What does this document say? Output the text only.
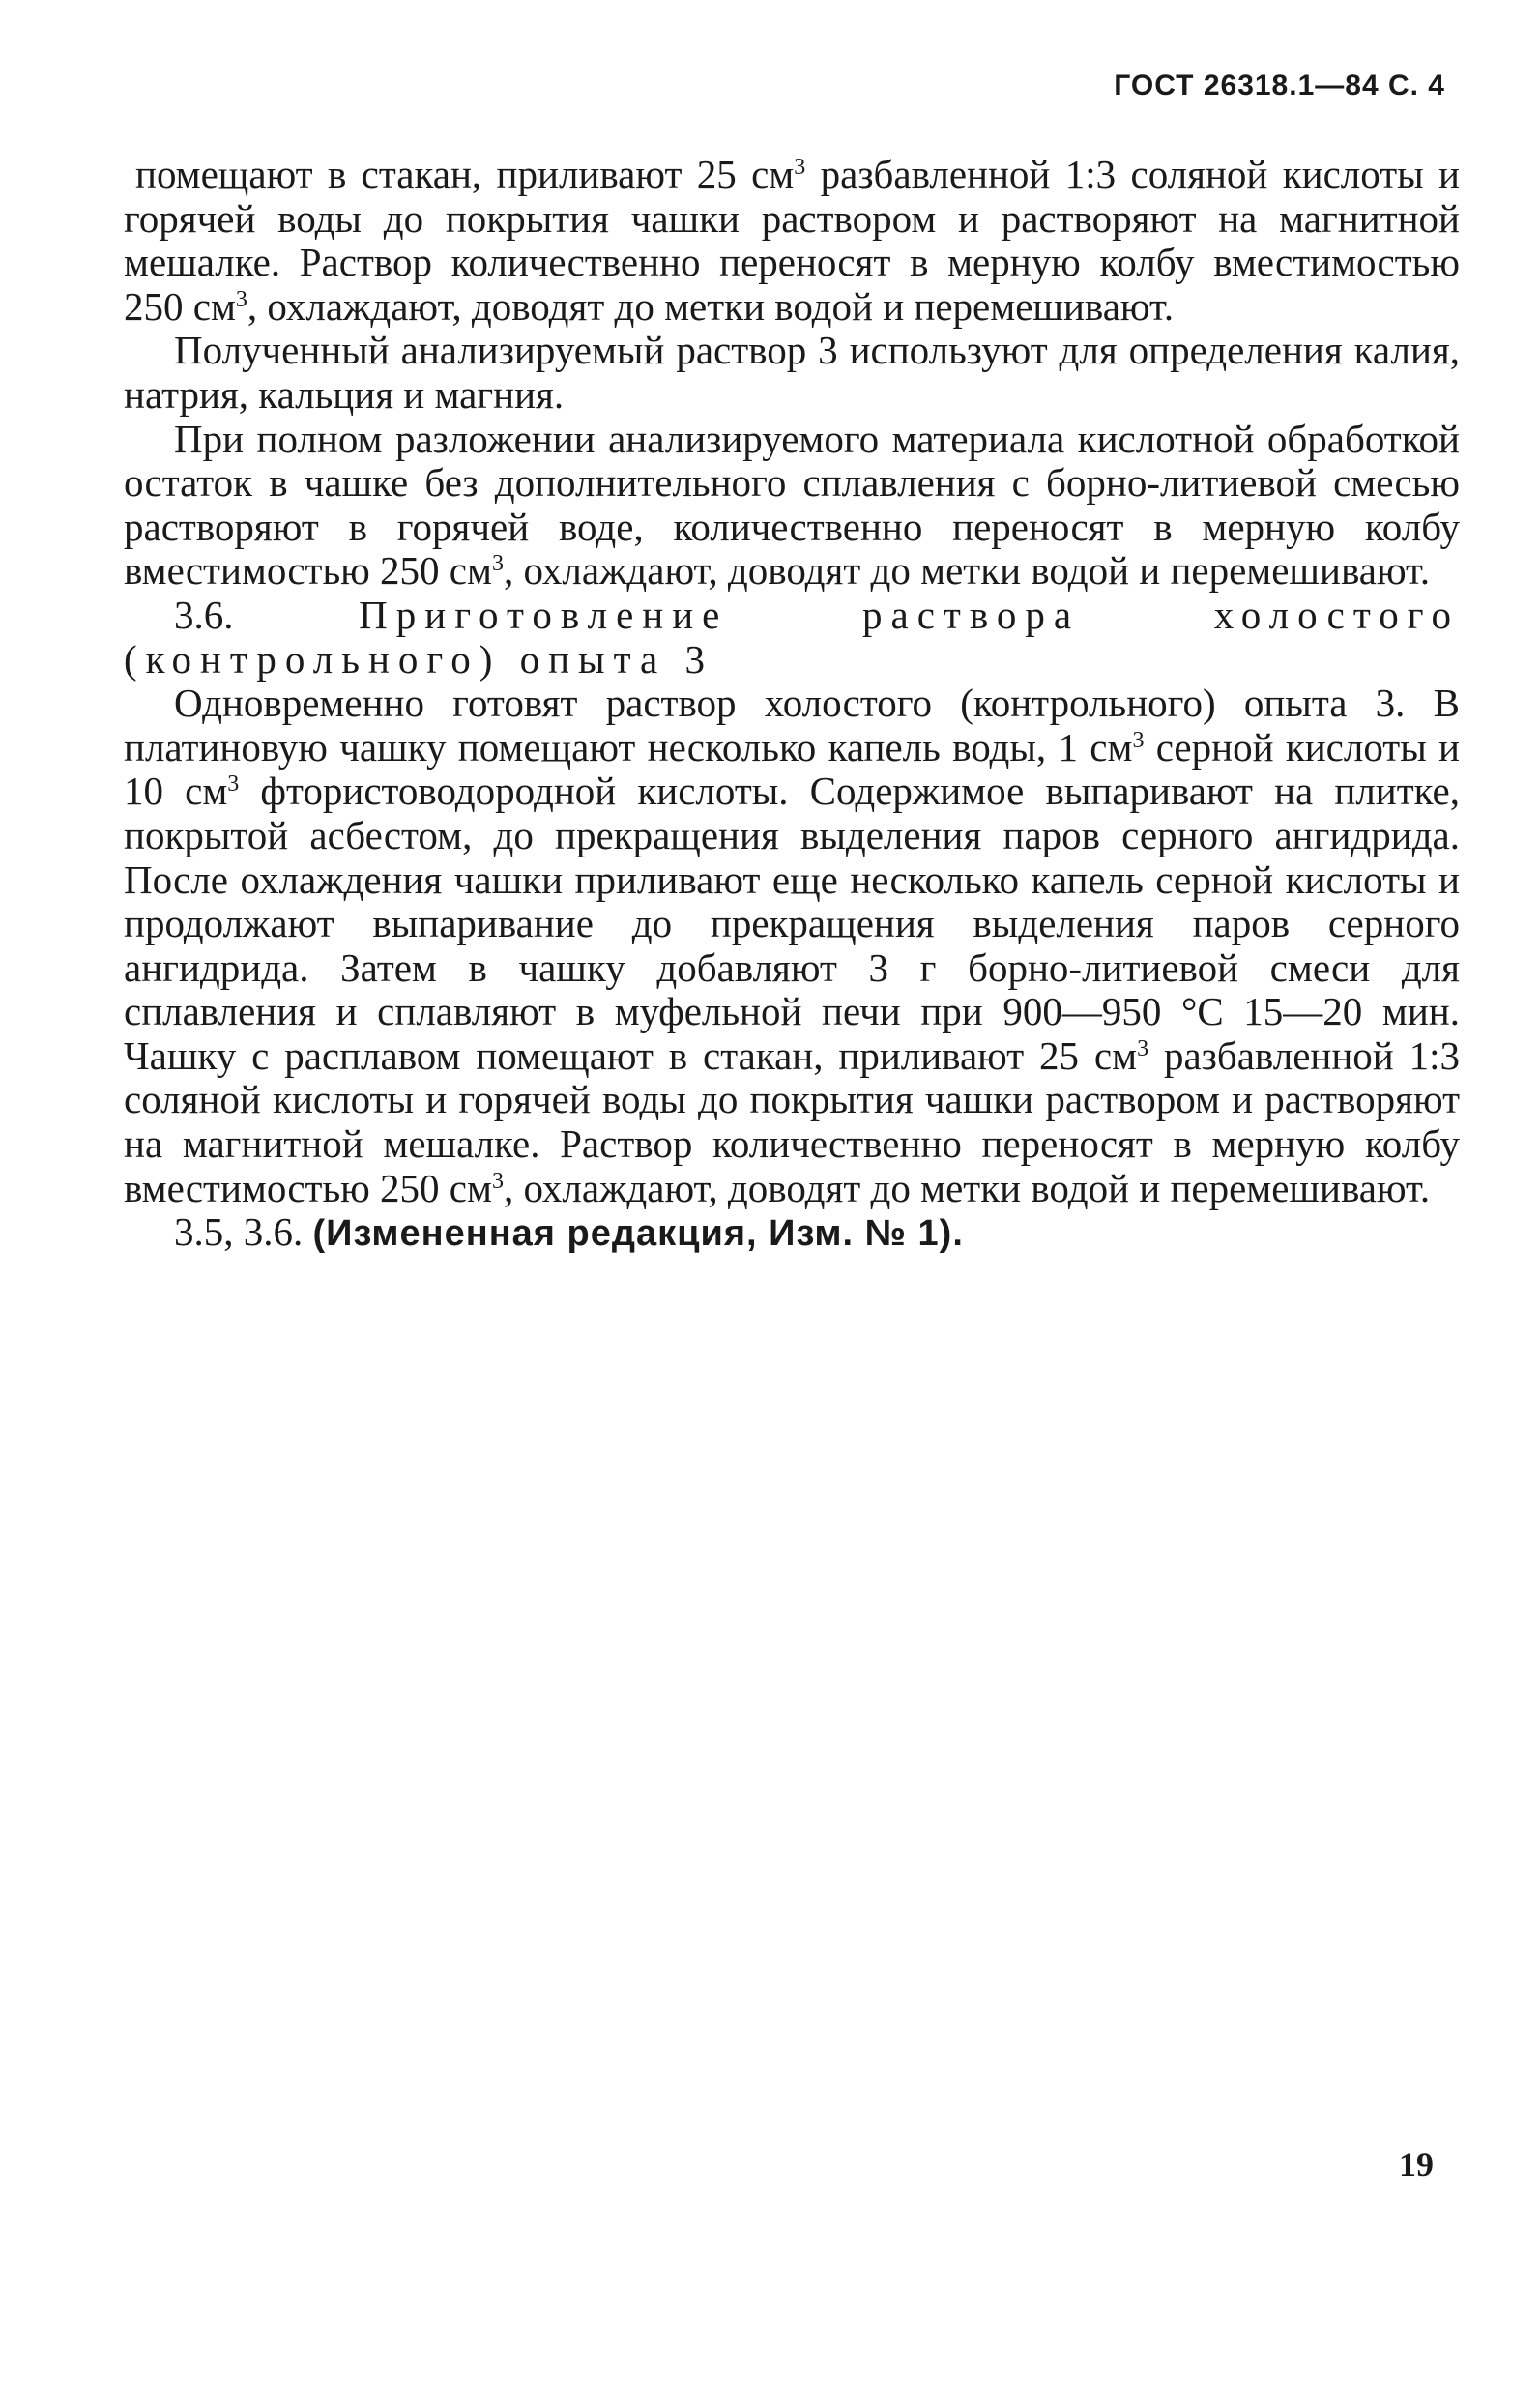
ГОСТ 26318.1—84 С. 4

помещают в стакан, приливают 25 $см^3$ разбавленной 1:3 соляной кислоты и горячей воды до покрытия чашки раствором и растворяют на магнитной мешалке. Раствор количественно переносят в мерную колбу вместимостью 250 $см^3$, охлаждают, доводят до метки водой и перемешивают.

Полученный анализируемый раствор 3 используют для определения калия, натрия, кальция и магния.

При полном разложении анализируемого материала кислотной обработкой остаток в чашке без дополнительного сплавления с борно-литиевой смесью растворяют в горячей воде, количественно переносят в мерную колбу вместимостью 250 $см^3$, охлаждают, доводят до метки водой и перемешивают.

3.6.	Приготовление раствора холостого (контрольного) опыта 3

Одновременно готовят раствор холостого (контрольного) опыта 3. В платиновую чашку помещают несколько капель воды, 1 $см^3$ серной кислоты и 10 $см^3$ фтористоводородной кислоты. Содержимое выпаривают на плитке, покрытой асбестом, до прекращения выделения паров серного ангидрида. После охлаждения чашки приливают еще несколько капель серной кислоты и продолжают выпаривание до прекращения выделения паров серного ангидрида. Затем в чашку добавляют 3 г борно-литиевой смеси для сплавления и сплавляют в муфельной печи при 900—950 °С 15—20 мин. Чашку с расплавом помещают в стакан, приливают 25 $см^3$ разбавленной 1:3 соляной кислоты и горячей воды до покрытия чашки раствором и растворяют на магнитной мешалке. Раствор количественно переносят в мерную колбу вместимостью 250 $см^3$, охлаждают, доводят до метки водой и перемешивают.

3.5, 3.6. (Измененная редакция, Изм. № 1).

19
